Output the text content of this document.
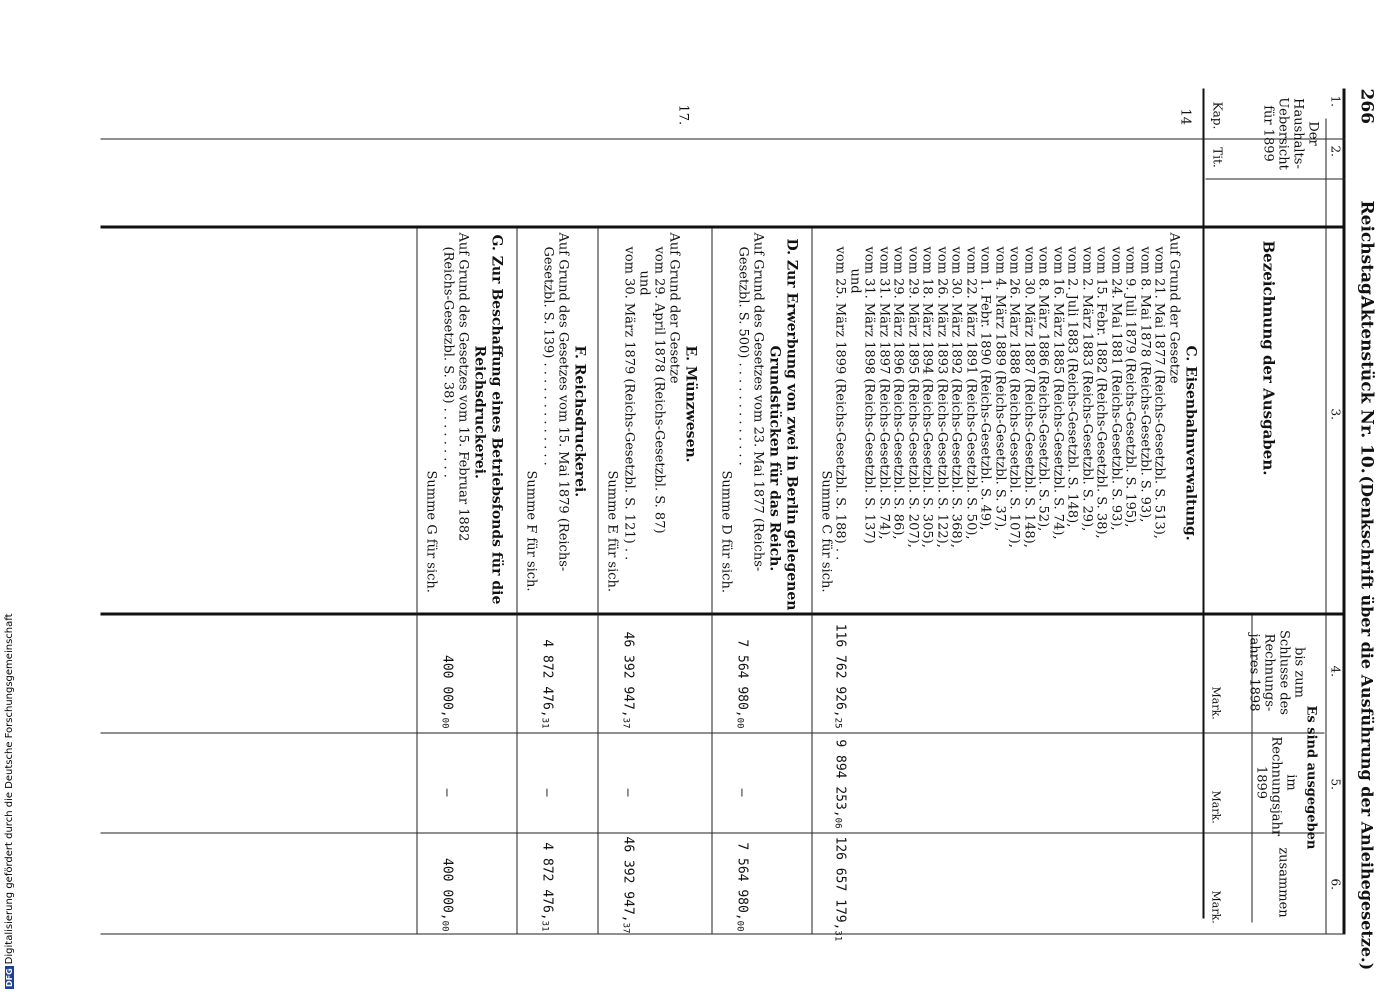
266
Reichstag.
Aktenstück Nr. 10.
(Denkschrift über die Ausführung der Anleihegesetze.)
1.
2.
3.
4.
5.
6.
Der Haushalts-Uebersicht für 1899
Kap.
Tit.
Bezeichnung der Ausgaben.
Es sind ausgegeben
bis zum Schlusse des Rechnungs-jahres 1898
im Rechnungsjahr 1899
zusammen
Mark.
Mark.
Mark.
14
C. Eisenbahnverwaltung.
Auf Grund der Gesetze
vom 21. Mai 1877 (Reichs-Gesetzbl. S. 513),
vom 8. Mai 1878 (Reichs-Gesetzbl. S. 93),
vom 9. Juli 1879 (Reichs-Gesetzbl. S. 195),
vom 24. Mai 1881 (Reichs-Gesetzbl. S. 93),
vom 15. Febr. 1882 (Reichs-Gesetzbl. S. 38),
vom 2. März 1883 (Reichs-Gesetzbl. S. 29),
vom 2. Juli 1883 (Reichs-Gesetzbl. S. 148),
vom 16. März 1885 (Reichs-Gesetzbl. S. 74),
vom 8. März 1886 (Reichs-Gesetzbl. S. 52),
vom 30. März 1887 (Reichs-Gesetzbl. S. 148),
vom 26. März 1888 (Reichs-Gesetzbl. S. 107),
vom 4. März 1889 (Reichs-Gesetzbl. S. 37),
vom 1. Febr. 1890 (Reichs-Gesetzbl. S. 49),
vom 22. März 1891 (Reichs-Gesetzbl. S. 50),
vom 30. März 1892 (Reichs-Gesetzbl. S. 368),
vom 26. März 1893 (Reichs-Gesetzbl. S. 122),
vom 18. März 1894 (Reichs-Gesetzbl. S. 305),
vom 29. März 1895 (Reichs-Gesetzbl. S. 207),
vom 29. März 1896 (Reichs-Gesetzbl. S. 86),
vom 31. März 1897 (Reichs-Gesetzbl. S. 74),
vom 31. März 1898 (Reichs-Gesetzbl. S. 137)
und
vom 25. März 1899 (Reichs-Gesetzbl. S. 188) . .
Summe C für sich.
116 762 926,25
9 894 253,06
126 657 179,31
D. Zur Erwerbung von zwei in Berlin gelegenen
Grundstücken für das Reich.
Auf Grund des Gesetzes vom 23. Mai 1877 (Reichs-
Gesetzbl. S. 500) . . . . . . . . . . . . .
Summe D für sich.
7 564 980,00
—
7 564 980,00
17.
E. Münzwesen.
Auf Grund der Gesetze
vom 29. April 1878 (Reichs-Gesetzbl. S. 87)
und
vom 30. März 1879 (Reichs-Gesetzbl. S. 121) . .
Summe E für sich.
46 392 947,37
—
46 392 947,37
F. Reichsdruckerei.
Auf Grund des Gesetzes vom 15. Mai 1879 (Reichs-
Gesetzbl. S. 139) . . . . . . . . . . . . .
Summe F für sich.
4 872 476,31
—
4 872 476,31
G. Zur Beschaffung eines Betriebsfonds für die
Reichsdruckerei.
Auf Grund des Gesetzes vom 15. Februar 1882
(Reichs-Gesetzbl. S. 38) . . . . . . . . .
Summe G für sich.
400 000,00
—
400 000,00
DFGDigitalisierung gefördert durch die Deutsche Forschungsgemeinschaft
